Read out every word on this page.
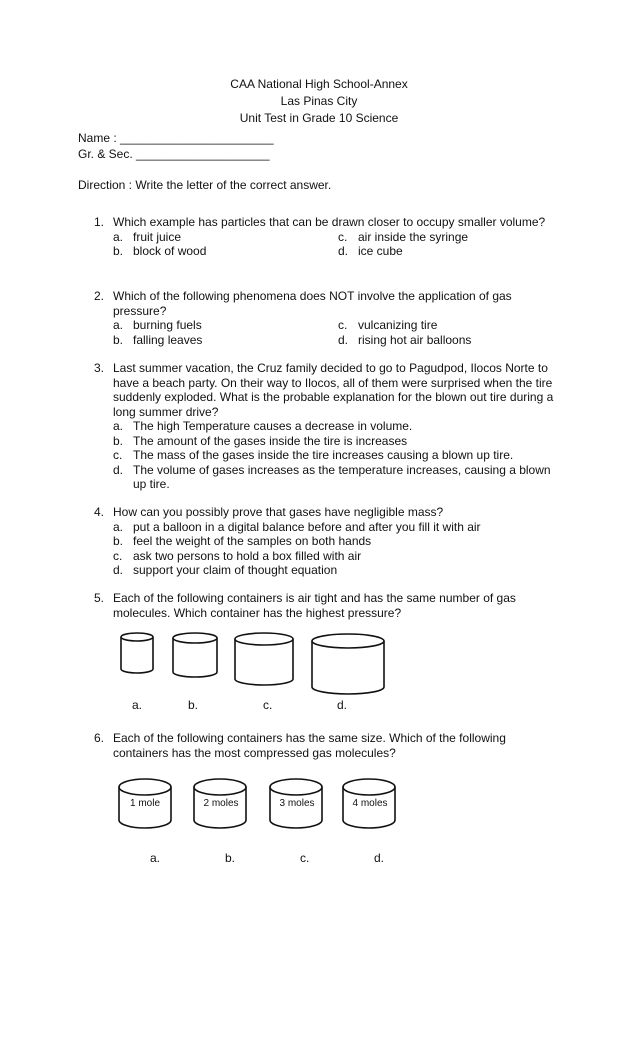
CAA National High School-Annex
Las Pinas City
Unit Test in Grade 10 Science
Name : _______________________
Gr. & Sec. ____________________
Direction : Write the letter of the correct answer.
1. Which example has particles that can be drawn closer to occupy smaller volume?
a. fruit juice	c. air inside the syringe
b. block of wood	d. ice cube
2. Which of the following phenomena does NOT involve the application of gas pressure?
a. burning fuels	c. vulcanizing tire
b. falling leaves	d. rising hot air balloons
3. Last summer vacation, the Cruz family decided to go to Pagudpod, Ilocos Norte to have a beach party. On their way to Ilocos, all of them were surprised when the tire suddenly exploded. What is the probable explanation for the blown out tire during a long summer drive?
a. The high Temperature causes a decrease in volume.
b. The amount of the gases inside the tire is increases
c. The mass of the gases inside the tire increases causing a blown up tire.
d. The volume of gases increases as the temperature increases, causing a blown up tire.
4. How can you possibly prove that gases have negligible mass?
a. put a balloon in a digital balance before and after you fill it with air
b. feel the weight of the samples on both hands
c. ask two persons to hold a box filled with air
d. support your claim of thought equation
5. Each of the following containers is air tight and has the same number of gas molecules. Which container has the highest pressure?
a.	b.	c.	d.
6. Each of the following containers has the same size. Which of the following containers has the most compressed gas molecules?
1 mole	2 moles	3 moles	4 moles
a.	b.	c.	d.
